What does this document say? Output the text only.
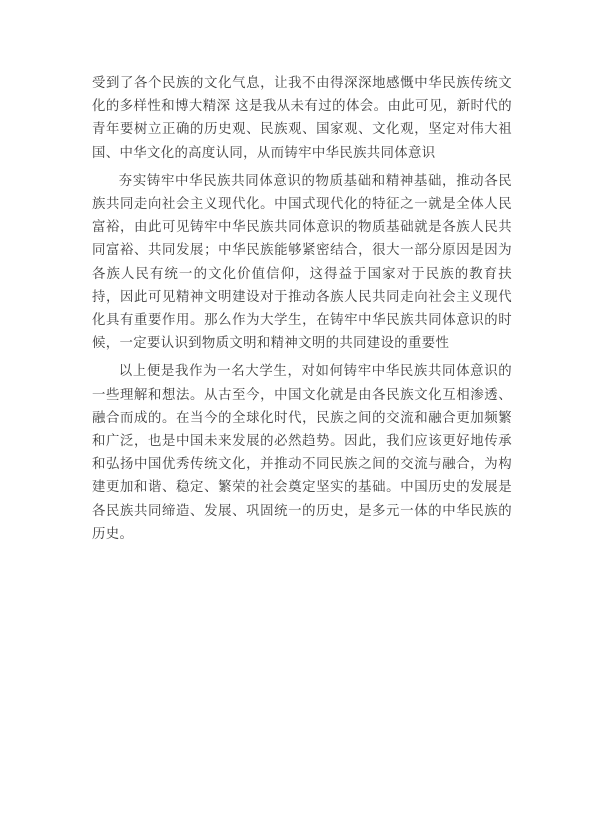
受到了各个民族的文化气息，让我不由得深深地感慨中华民族传统文化的多样性和博大精深 这是我从未有过的体会。由此可见，新时代的青年要树立正确的历史观、民族观、国家观、文化观，坚定对伟大祖国、中华文化的高度认同，从而铸牢中华民族共同体意识

夯实铸牢中华民族共同体意识的物质基础和精神基础，推动各民族共同走向社会主义现代化。中国式现代化的特征之一就是全体人民富裕，由此可见铸牢中华民族共同体意识的物质基础就是各族人民共同富裕、共同发展；中华民族能够紧密结合，很大一部分原因是因为各族人民有统一的文化价值信仰，这得益于国家对于民族的教育扶持，因此可见精神文明建设对于推动各族人民共同走向社会主义现代化具有重要作用。那么作为大学生，在铸牢中华民族共同体意识的时候，一定要认识到物质文明和精神文明的共同建设的重要性

以上便是我作为一名大学生，对如何铸牢中华民族共同体意识的一些理解和想法。从古至今，中国文化就是由各民族文化互相渗透、融合而成的。在当今的全球化时代，民族之间的交流和融合更加频繁和广泛，也是中国未来发展的必然趋势。因此，我们应该更好地传承和弘扬中国优秀传统文化，并推动不同民族之间的交流与融合，为构建更加和谐、稳定、繁荣的社会奠定坚实的基础。中国历史的发展是各民族共同缔造、发展、巩固统一的历史，是多元一体的中华民族的历史。
